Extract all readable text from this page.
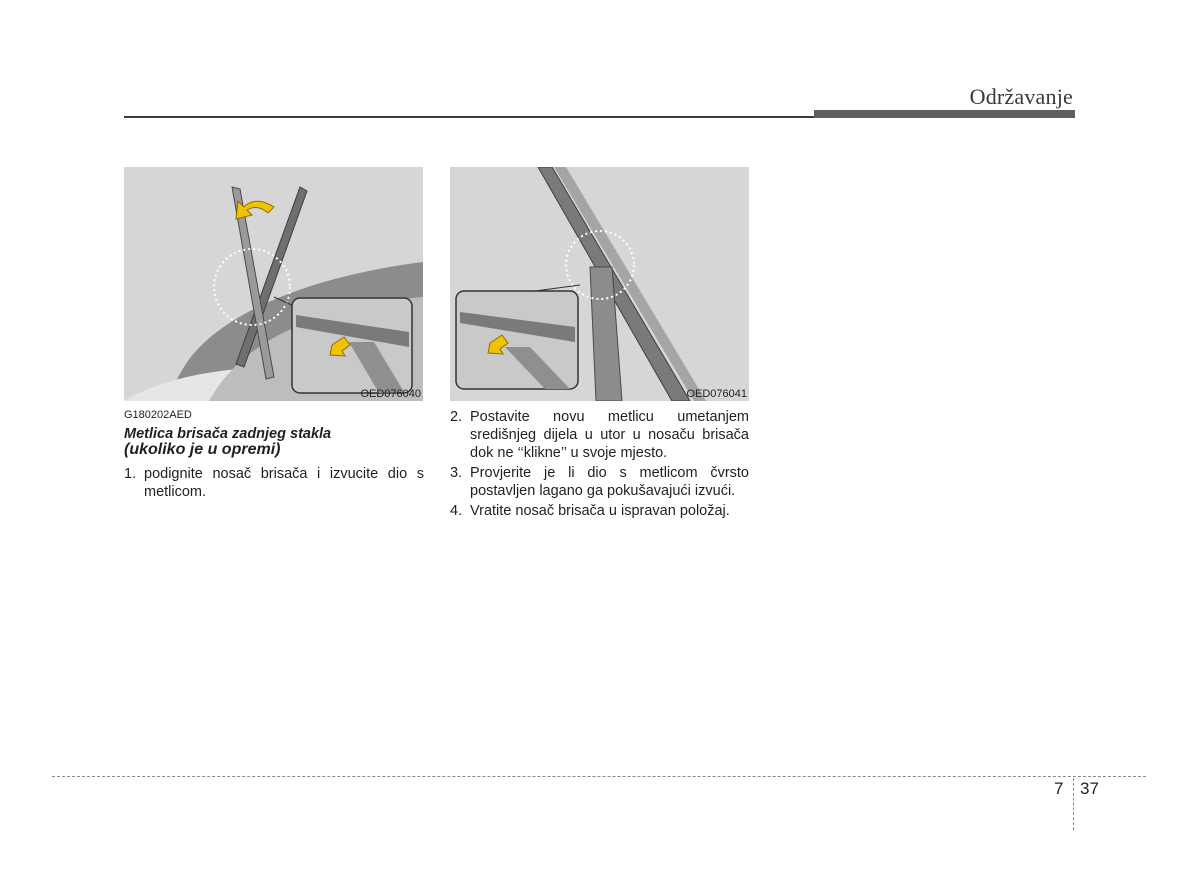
Održavanje
OED076040	OED076041
G180202AED
Metlica brisača zadnjeg stakla
(ukoliko je u opremi)
1. podignite nosač brisača i izvucite dio s metlicom.
2. Postavite novu metlicu umetanjem središnjeg dijela u utor u nosaču brisača dok ne ‘‘klikne’’ u svoje mjesto.
3. Provjerite je li dio s metlicom čvrsto postavljen lagano ga pokušavajući izvući.
4. Vratite nosač brisača u ispravan položaj.
7 37
